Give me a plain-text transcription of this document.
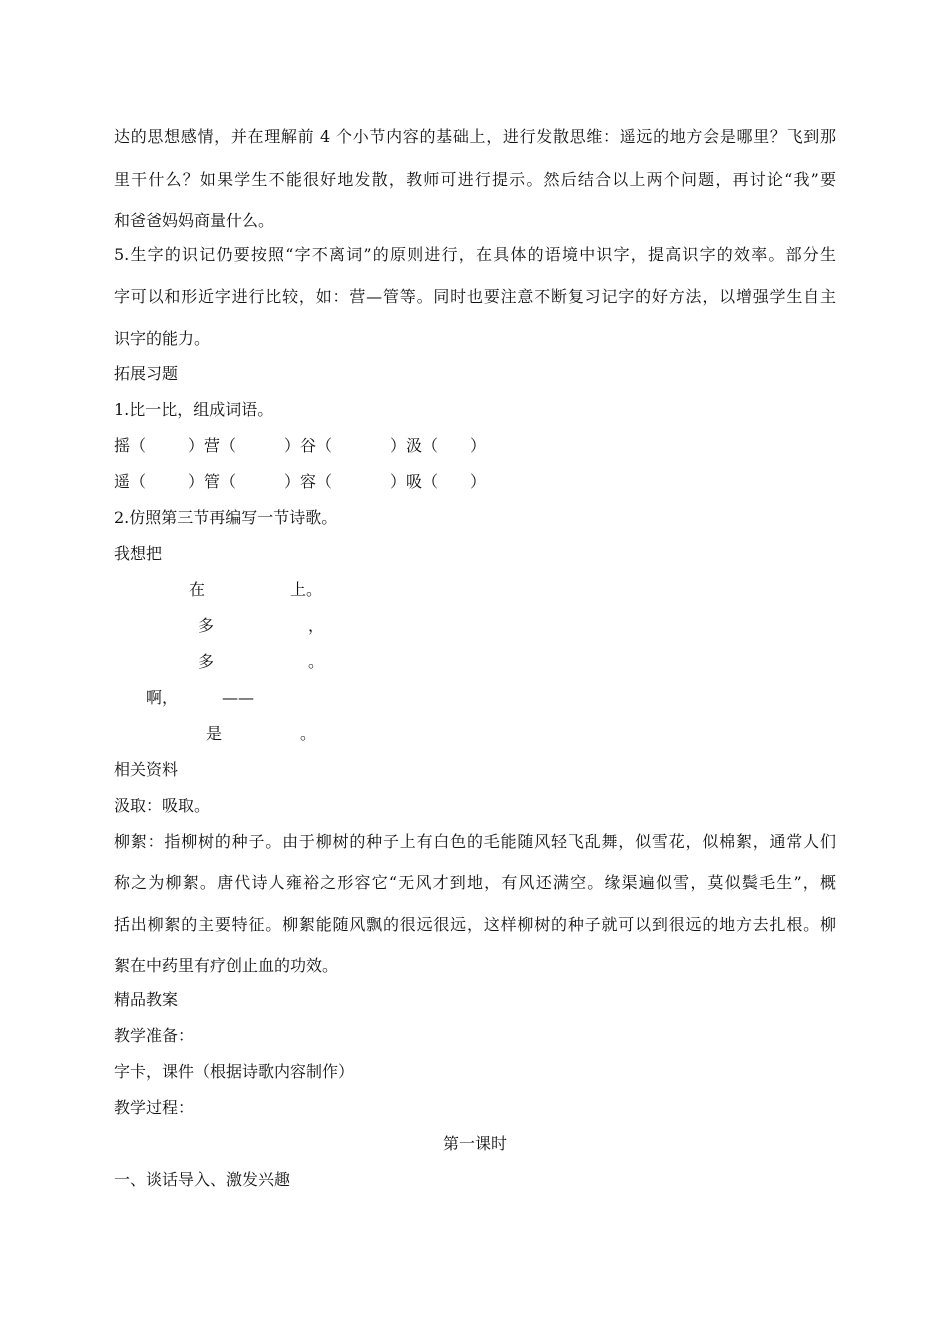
达的思想感情，并在理解前 4 个小节内容的基础上，进行发散思维：遥远的地方会是哪里？飞到那
里干什么？如果学生不能很好地发散，教师可进行提示。然后结合以上两个问题，再讨论“我”要
和爸爸妈妈商量什么。
5.生字的识记仍要按照“字不离词”的原则进行，在具体的语境中识字，提高识字的效率。部分生
字可以和形近字进行比较，如：营—管等。同时也要注意不断复习记字的好方法，以增强学生自主
识字的能力。
拓展习题
1.比一比，组成词语。
摇（	）营（	）谷（	）汲（ ）
遥（	）管（	）容（	）吸（ ）
2.仿照第三节再编写一节诗歌。
我想把
在	上。
多	，
多	。
啊，	——
是	。
相关资料
汲取：吸取。
柳絮：指柳树的种子。由于柳树的种子上有白色的毛能随风轻飞乱舞，似雪花，似棉絮，通常人们
称之为柳絮。唐代诗人雍裕之形容它“无风才到地，有风还满空。缘渠遍似雪，莫似鬓毛生”，概
括出柳絮的主要特征。柳絮能随风飘的很远很远，这样柳树的种子就可以到很远的地方去扎根。柳
絮在中药里有疗创止血的功效。
精品教案
教学准备：
字卡，课件（根据诗歌内容制作）
教学过程：
第一课时
一、谈话导入、激发兴趣
